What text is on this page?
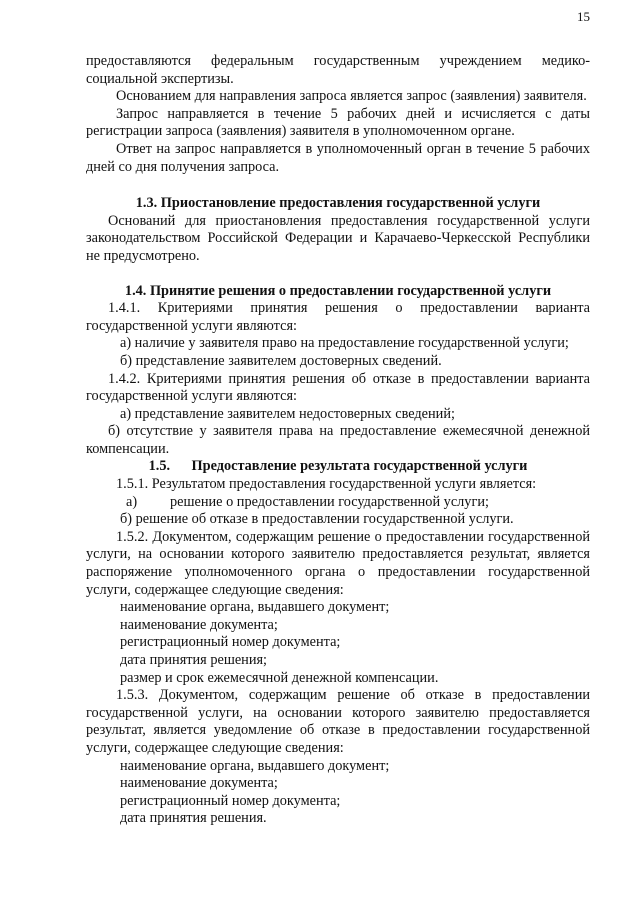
15

предоставляются федеральным государственным учреждением медико-социальной экспертизы.

Основанием для направления запроса является запрос (заявления) заявителя.

Запрос направляется в течение 5 рабочих дней и исчисляется с даты регистрации запроса (заявления) заявителя в уполномоченном органе.

Ответ на запрос направляется в уполномоченный орган в течение 5 рабочих дней со дня получения запроса.

1.3. Приостановление предоставления государственной услуги

Оснований для приостановления предоставления государственной услуги законодательством Российской Федерации и Карачаево-Черкесской Республики не предусмотрено.

1.4. Принятие решения о предоставлении государственной услуги

1.4.1. Критериями принятия решения о предоставлении варианта государственной услуги являются:

а) наличие у заявителя право на предоставление государственной услуги;

б) представление заявителем достоверных сведений.

1.4.2. Критериями принятия решения об отказе в предоставлении варианта государственной услуги являются:

а) представление заявителем недостоверных сведений;

б) отсутствие у заявителя права на предоставление ежемесячной денежной компенсации.

1.5. Предоставление результата государственной услуги

1.5.1. Результатом предоставления государственной услуги является:

а)	решение о предоставлении государственной услуги;

б) решение об отказе в предоставлении государственной услуги.

1.5.2. Документом, содержащим решение о предоставлении государственной услуги, на основании которого заявителю предоставляется результат, является распоряжение уполномоченного органа о предоставлении государственной услуги, содержащее следующие сведения:

наименование органа, выдавшего документ;

наименование документа;

регистрационный номер документа;

дата принятия решения;

размер и срок ежемесячной денежной компенсации.

1.5.3. Документом, содержащим решение об отказе в предоставлении государственной услуги, на основании которого заявителю предоставляется результат, является уведомление об отказе в предоставлении государственной услуги, содержащее следующие сведения:

наименование органа, выдавшего документ;

наименование документа;

регистрационный номер документа;

дата принятия решения.
